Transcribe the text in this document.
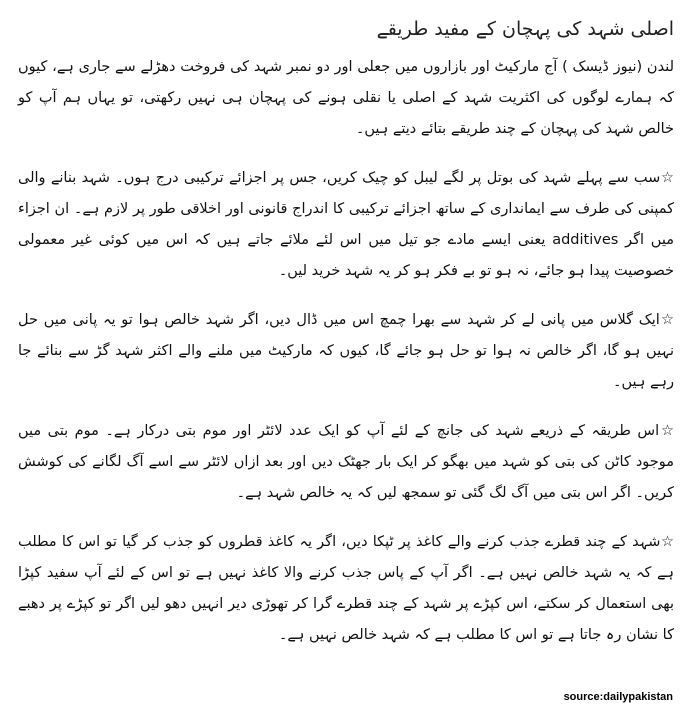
اصلی شہد کی پہچان کے مفید طریقے

لندن (نیوز ڈیسک ) آج مارکیٹ اور بازاروں میں جعلی اور دو نمبر شہد کی فروخت دھڑلے سے جاری ہے، کیوں کہ ہمارے لوگوں کی اکثریت شہد کے اصلی یا نقلی ہونے کی پہچان ہی نہیں رکھتی، تو یہاں ہم آپ کو خالص شہد کی پہچان کے چند طریقے بتائے دیتے ہیں۔

☆سب سے پہلے شہد کی بوتل پر لگے لیبل کو چیک کریں، جس پر اجزائے ترکیبی درج ہوں۔ شہد بنانے والی کمپنی کی طرف سے ایمانداری کے ساتھ اجزائے ترکیبی کا اندراج قانونی اور اخلاقی طور پر لازم ہے۔ ان اجزاء میں اگر additives یعنی ایسے مادے جو تیل میں اس لئے ملائے جاتے ہیں کہ اس میں کوئی غیر معمولی خصوصیت پیدا ہو جائے، نہ ہو تو بے فکر ہو کر یہ شہد خرید لیں۔

☆ایک گلاس میں پانی لے کر شہد سے بھرا چمچ اس میں ڈال دیں، اگر شہد خالص ہوا تو یہ پانی میں حل نہیں ہو گا، اگر خالص نہ ہوا تو حل ہو جائے گا، کیوں کہ مارکیٹ میں ملنے والے اکثر شہد گڑ سے بنائے جا رہے ہیں۔

☆اس طریقہ کے ذریعے شہد کی جانچ کے لئے آپ کو ایک عدد لائٹر اور موم بتی درکار ہے۔ موم بتی میں موجود کاٹن کی بتی کو شہد میں بھگو کر ایک بار جھٹک دیں اور بعد ازاں لائٹر سے اسے آگ لگانے کی کوشش کریں۔ اگر اس بتی میں آگ لگ گئی تو سمجھ لیں کہ یہ خالص شہد ہے۔

☆شہد کے چند قطرے جذب کرنے والے کاغذ پر ٹپکا دیں، اگر یہ کاغذ قطروں کو جذب کر گیا تو اس کا مطلب ہے کہ یہ شہد خالص نہیں ہے۔ اگر آپ کے پاس جذب کرنے والا کاغذ نہیں ہے تو اس کے لئے آپ سفید کپڑا بھی استعمال کر سکتے، اس کپڑے پر شہد کے چند قطرے گرا کر تھوڑی دیر انہیں دھو لیں اگر تو کپڑے پر دھبے کا نشان رہ جاتا ہے تو اس کا مطلب ہے کہ شہد خالص نہیں ہے۔

source:dailypakistan
